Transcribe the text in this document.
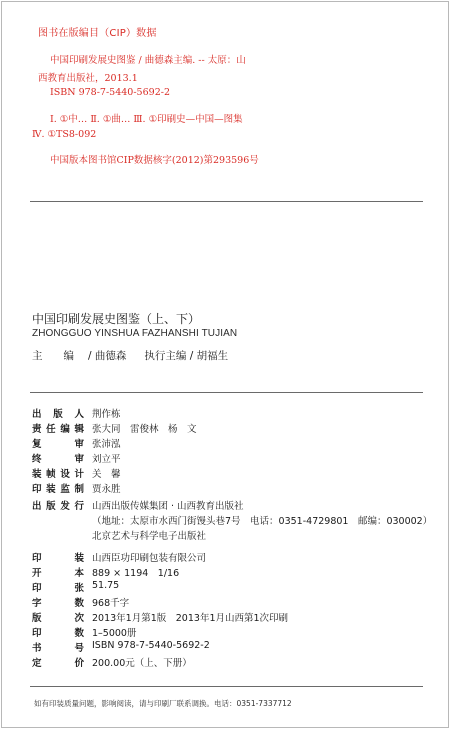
图书在版编目（CIP）数据
中国印刷发展史图鉴 / 曲德森主编. -- 太原：山
西教育出版社，2013.1
ISBN 978-7-5440-5692-2
Ⅰ. ①中… Ⅱ. ①曲… Ⅲ. ①印刷史—中国—图集
Ⅳ. ①TS8-092
中国版本图书馆CIP数据核字(2012)第293596号
中国印刷发展史图鉴（上、下）
ZHONGGUO YINSHUA FAZHANSHI TUJIAN
主　　编 / 曲德森 执行主编 / 胡福生
出版人 荆作栋
责任编辑 张大同　雷俊林　杨　文
复审 张沛泓
终审 刘立平
装帧设计 关　馨
印装监制 贾永胜
出版发行 山西出版传媒集团 · 山西教育出版社
（地址：太原市水西门街馒头巷7号　电话：0351-4729801　邮编：030002）
北京艺术与科学电子出版社
印装 山西臣功印刷包装有限公司
开本 889 × 1194　1/16
印张 51.75
字数 968千字
版次 2013年1月第1版　2013年1月山西第1次印刷
印数 1–5000册
书号 ISBN 978-7-5440-5692-2
定价 200.00元（上、下册）
如有印装质量问题，影响阅读，请与印刷厂联系调换。电话：0351-7337712
